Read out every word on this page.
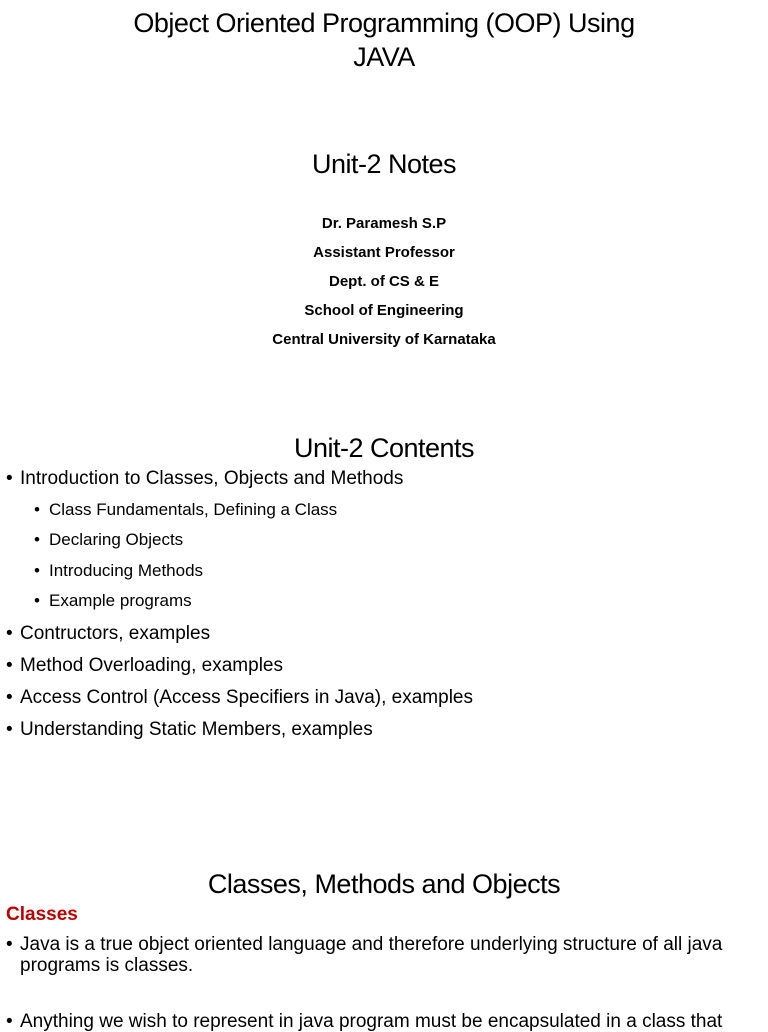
Object Oriented Programming (OOP) Using
JAVA
Unit-2 Notes
Dr. Paramesh S.P
Assistant Professor
Dept. of CS & E
School of Engineering
Central University of Karnataka
Unit-2 Contents
• Introduction to Classes, Objects and Methods
• Class Fundamentals, Defining a Class
• Declaring Objects
• Introducing Methods
• Example programs
• Contructors, examples
• Method Overloading, examples
• Access Control (Access Specifiers in Java), examples
• Understanding Static Members, examples
Classes, Methods and Objects
Classes
• Java is a true object oriented language and therefore underlying structure of all java
programs is classes.
• Anything we wish to represent in java program must be encapsulated in a class that
